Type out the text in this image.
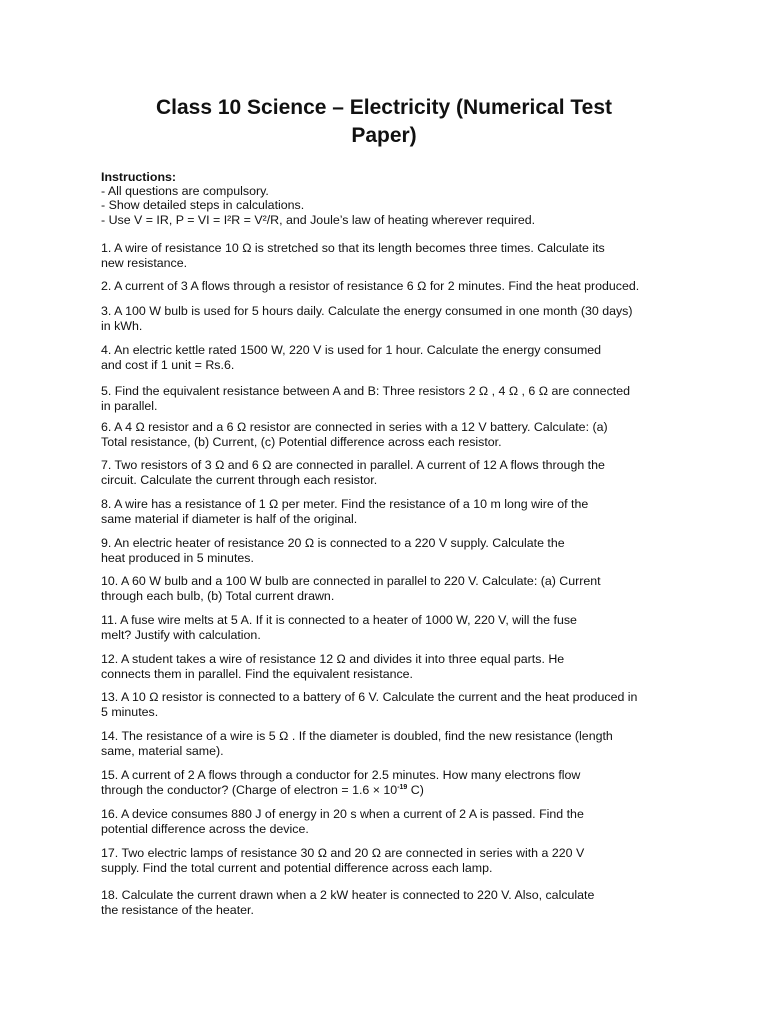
Class 10 Science – Electricity (Numerical Test
Paper)
Instructions:
- All questions are compulsory.
- Show detailed steps in calculations.
- Use V = IR, P = VI = I²R = V²/R, and Joule’s law of heating wherever required.
1. A wire of resistance 10 Ω is stretched so that its length becomes three times. Calculate its
new resistance.
2. A current of 3 A flows through a resistor of resistance 6 Ω for 2 minutes. Find the heat produced.
3. A 100 W bulb is used for 5 hours daily. Calculate the energy consumed in one month (30 days)
in kWh.
4. An electric kettle rated 1500 W, 220 V is used for 1 hour. Calculate the energy consumed
and cost if 1 unit = Rs.6.
5. Find the equivalent resistance between A and B: Three resistors 2 Ω , 4 Ω , 6 Ω are connected
in parallel.
6. A 4 Ω resistor and a 6 Ω resistor are connected in series with a 12 V battery. Calculate: (a)
Total resistance, (b) Current, (c) Potential difference across each resistor.
7. Two resistors of 3 Ω and 6 Ω are connected in parallel. A current of 12 A flows through the
circuit. Calculate the current through each resistor.
8. A wire has a resistance of 1 Ω per meter. Find the resistance of a 10 m long wire of the
same material if diameter is half of the original.
9. An electric heater of resistance 20 Ω is connected to a 220 V supply. Calculate the
heat produced in 5 minutes.
10. A 60 W bulb and a 100 W bulb are connected in parallel to 220 V. Calculate: (a) Current
through each bulb, (b) Total current drawn.
11. A fuse wire melts at 5 A. If it is connected to a heater of 1000 W, 220 V, will the fuse
melt? Justify with calculation.
12. A student takes a wire of resistance 12 Ω and divides it into three equal parts. He
connects them in parallel. Find the equivalent resistance.
13. A 10 Ω resistor is connected to a battery of 6 V. Calculate the current and the heat produced in
5 minutes.
14. The resistance of a wire is 5 Ω . If the diameter is doubled, find the new resistance (length
same, material same).
15. A current of 2 A flows through a conductor for 2.5 minutes. How many electrons flow
through the conductor? (Charge of electron = $1.6 \times 10^{-19}$ C)
16. A device consumes 880 J of energy in 20 s when a current of 2 A is passed. Find the
potential difference across the device.
17. Two electric lamps of resistance 30 Ω and 20 Ω are connected in series with a 220 V
supply. Find the total current and potential difference across each lamp.
18. Calculate the current drawn when a 2 kW heater is connected to 220 V. Also, calculate
the resistance of the heater.
